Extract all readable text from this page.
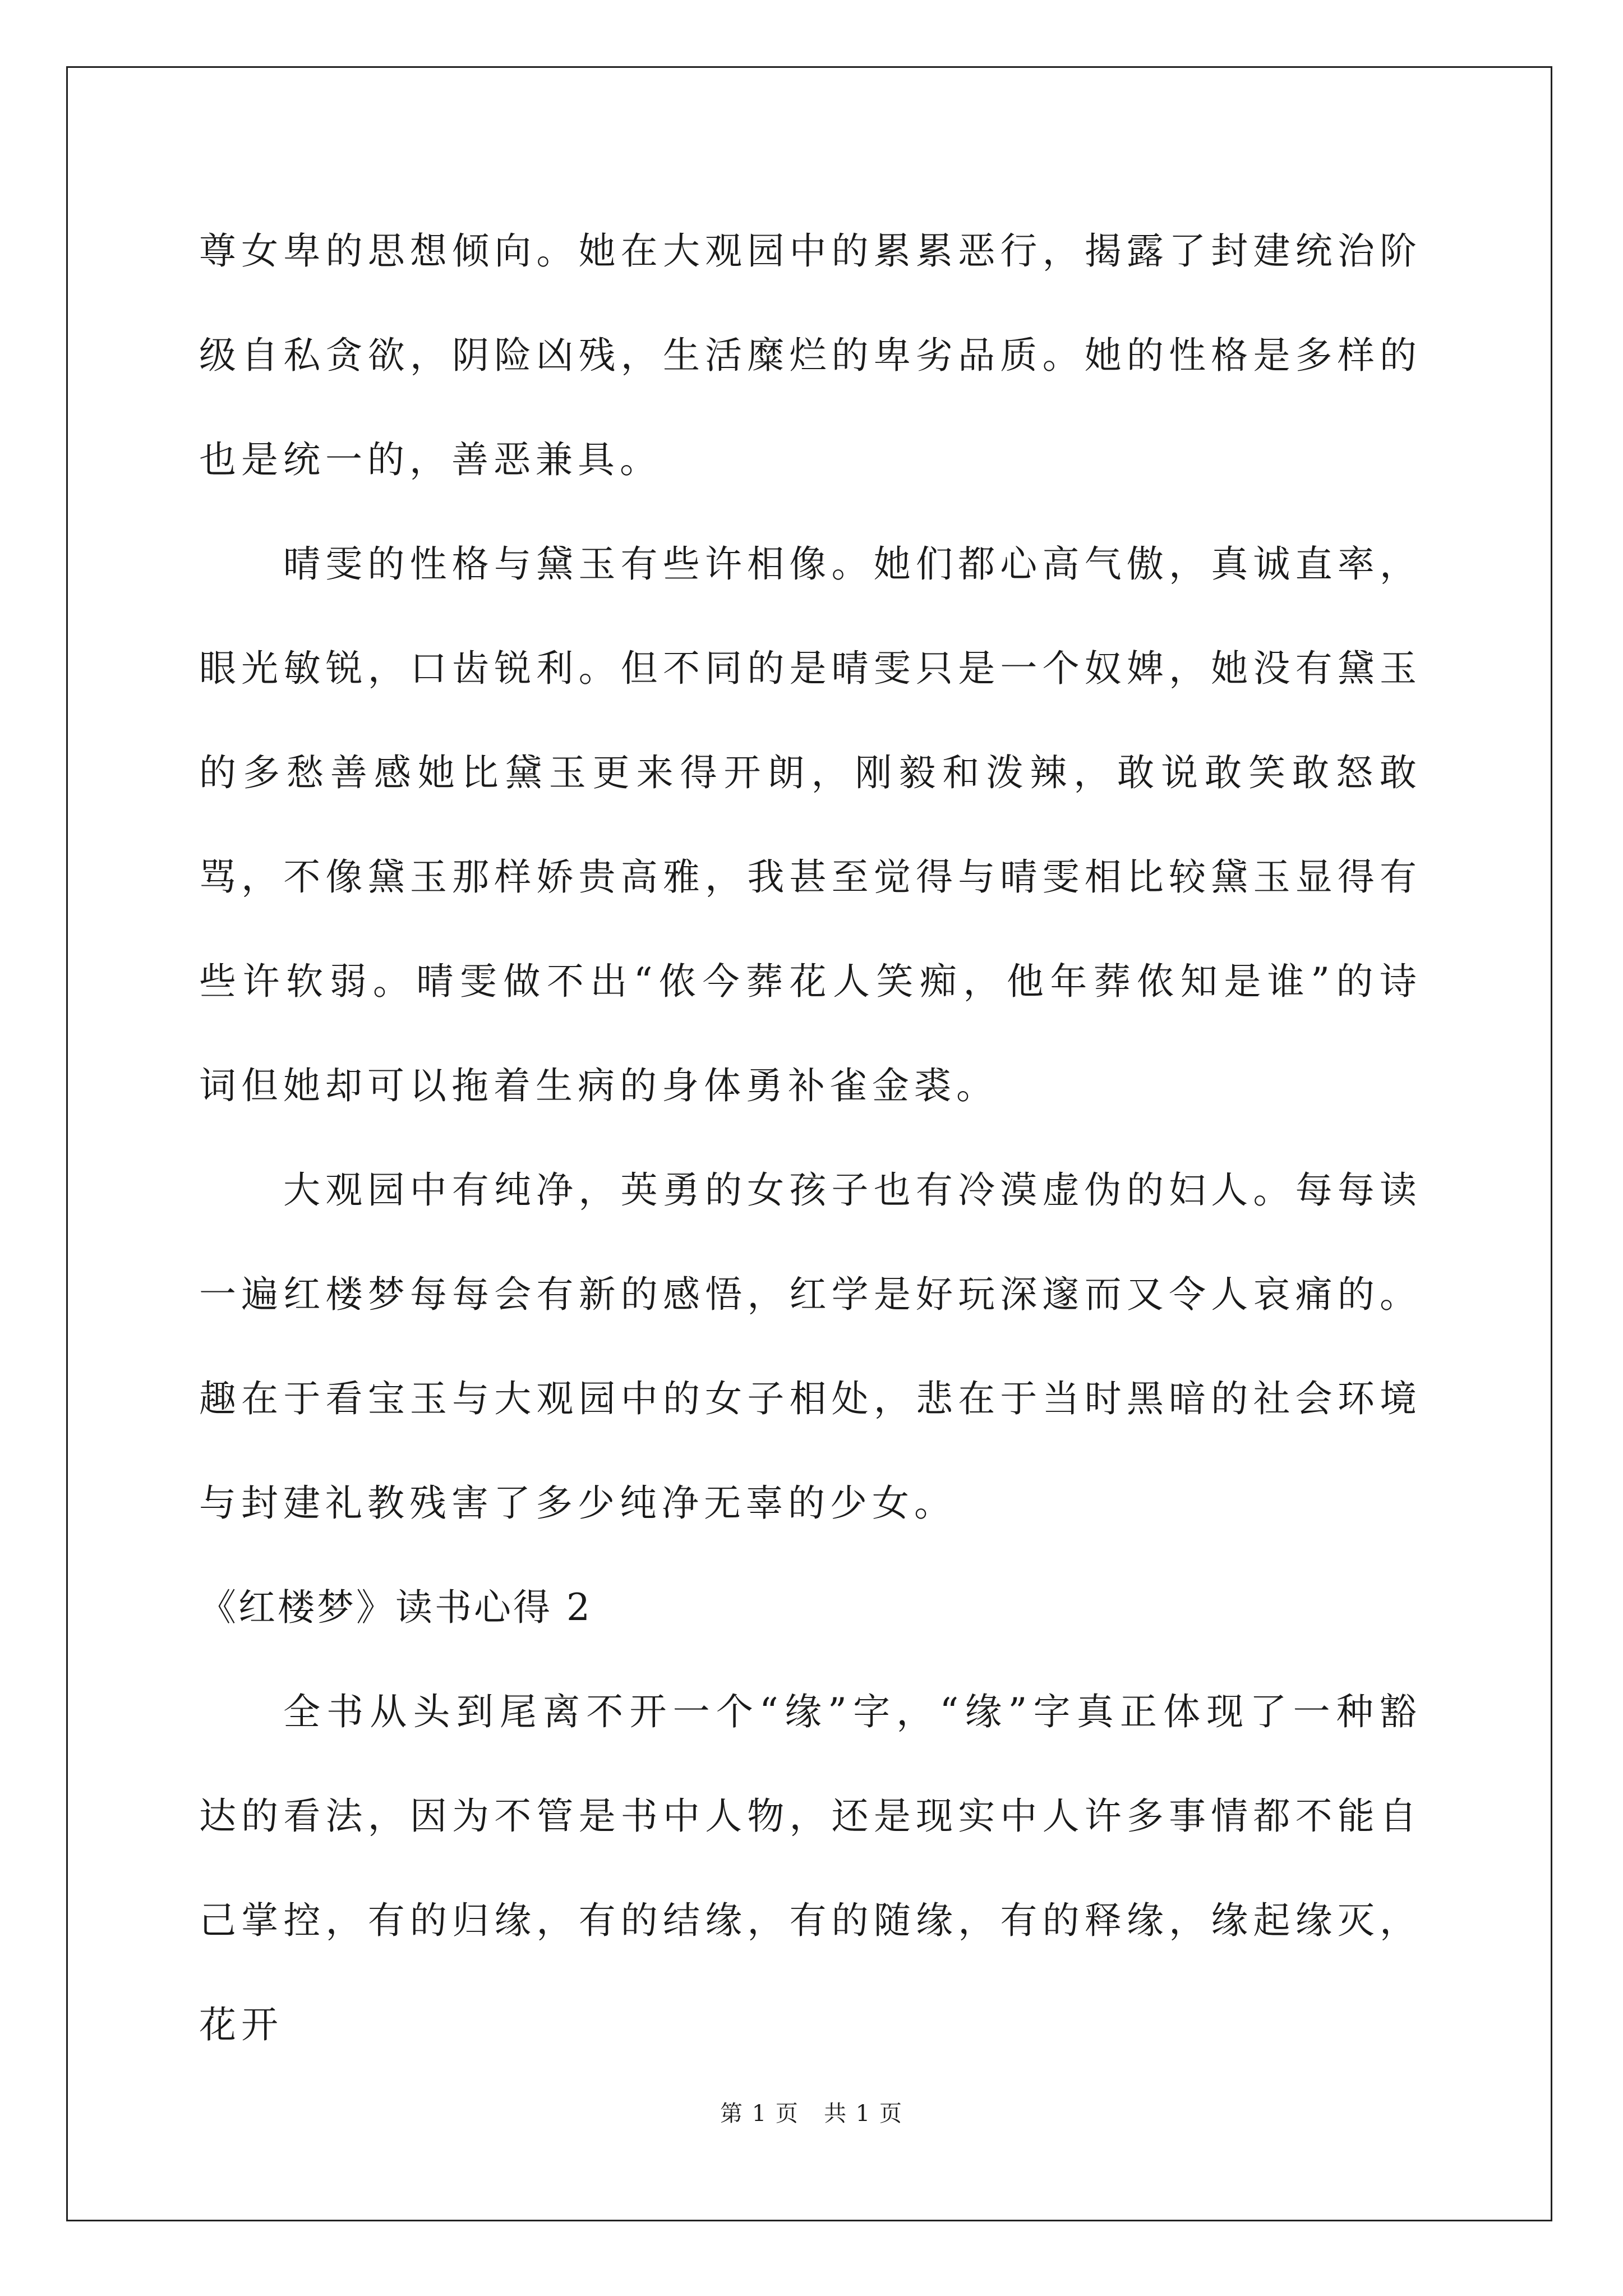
尊女卑的思想倾向。她在大观园中的累累恶行，揭露了封建统治阶级自私贪欲，阴险凶残，生活糜烂的卑劣品质。她的性格是多样的也是统一的，善恶兼具。

晴雯的性格与黛玉有些许相像。她们都心高气傲，真诚直率，眼光敏锐，口齿锐利。但不同的是晴雯只是一个奴婢，她没有黛玉的多愁善感她比黛玉更来得开朗，刚毅和泼辣，敢说敢笑敢怒敢骂，不像黛玉那样娇贵高雅，我甚至觉得与晴雯相比较黛玉显得有些许软弱。晴雯做不出“侬今葬花人笑痴，他年葬侬知是谁”的诗词但她却可以拖着生病的身体勇补雀金裘。

大观园中有纯净，英勇的女孩子也有冷漠虚伪的妇人。每每读一遍红楼梦每每会有新的感悟，红学是好玩深邃而又令人哀痛的。趣在于看宝玉与大观园中的女子相处，悲在于当时黑暗的社会环境与封建礼教残害了多少纯净无辜的少女。

《红楼梦》读书心得 2

全书从头到尾离不开一个“缘”字，“缘”字真正体现了一种豁达的看法，因为不管是书中人物，还是现实中人许多事情都不能自己掌控，有的归缘，有的结缘，有的随缘，有的释缘，缘起缘灭，花开

第 1 页   共 1 页
